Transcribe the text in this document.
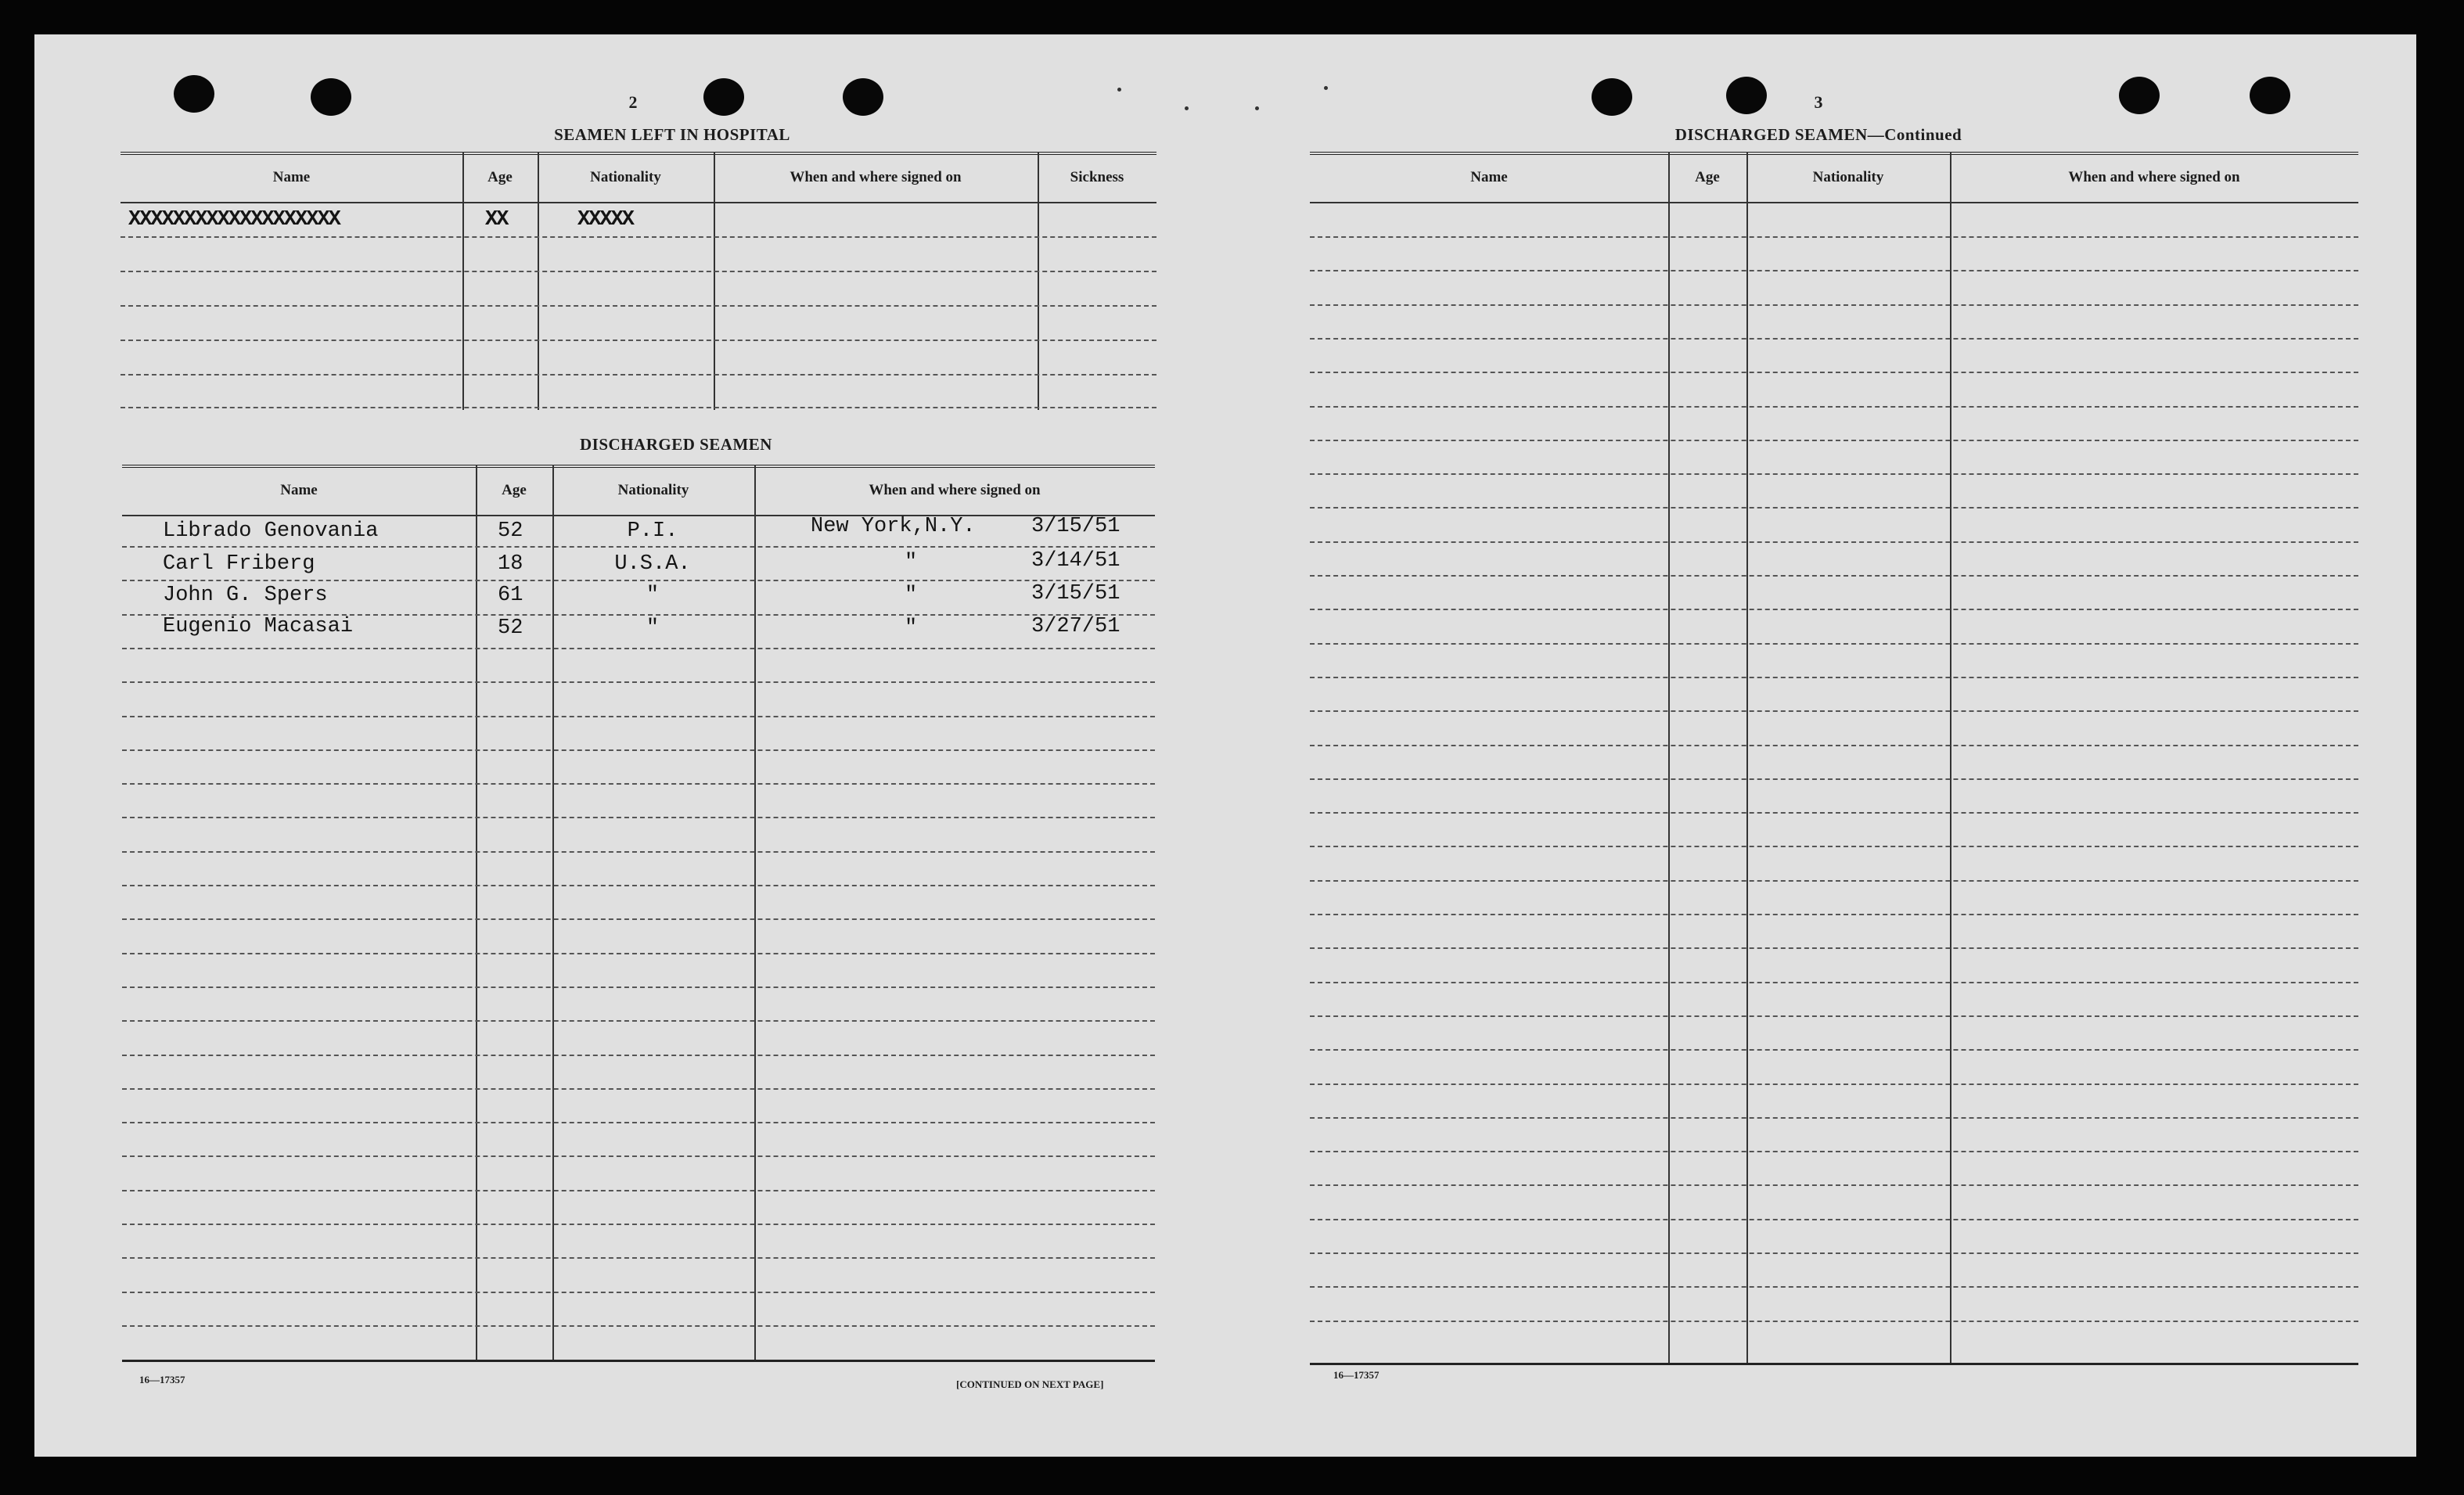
2
SEAMEN LEFT IN HOSPITAL
Name	Age	Nationality	When and where signed on	Sickness
XXXXXXXXXXXXXXXXXXX	XX	XXXXX
DISCHARGED SEAMEN
Name	Age	Nationality	When and where signed on
Librado Genovania	52	P.I.	New York,N.Y.	3/15/51
Carl Friberg	18	U.S.A.	"	3/14/51
John G. Spers	61	"	"	3/15/51
Eugenio Macasai	52	"	"	3/27/51
16—17357	[CONTINUED ON NEXT PAGE]
3
DISCHARGED SEAMEN—Continued
Name	Age	Nationality	When and where signed on
​
16—17357
